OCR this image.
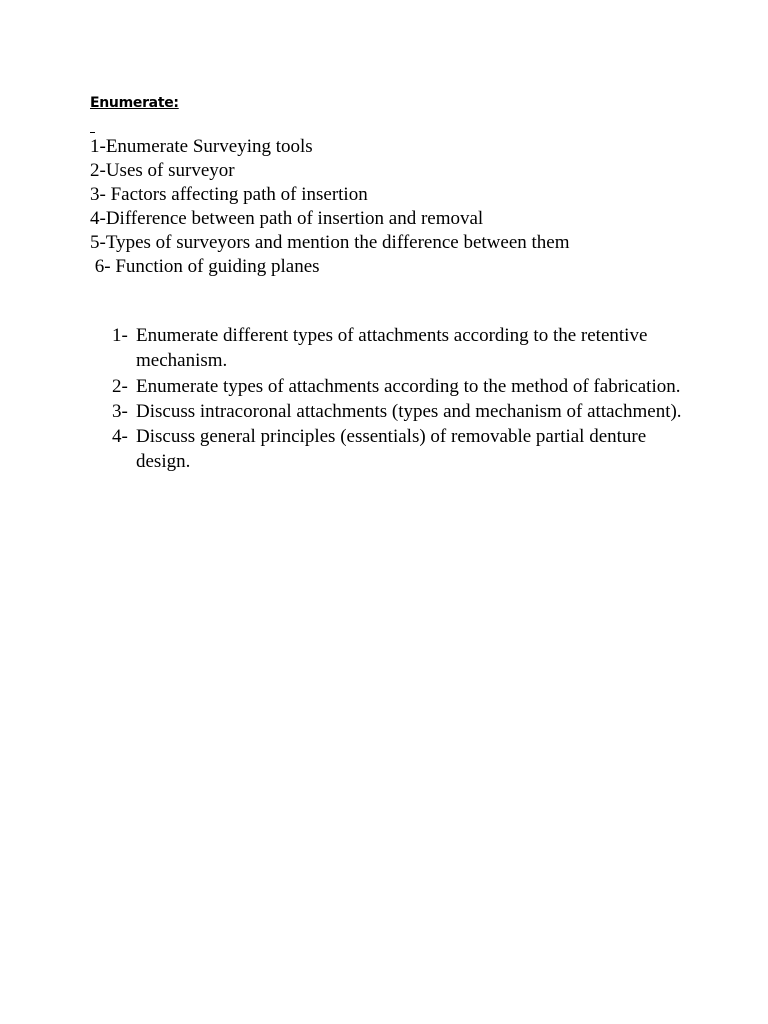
Enumerate:
1-Enumerate Surveying tools
2-Uses of surveyor
3- Factors affecting path of insertion
4-Difference between path of insertion and removal
5-Types of surveyors and mention the difference between them
6- Function of guiding planes
1- Enumerate different types of attachments according to the retentive mechanism.
2- Enumerate types of attachments according to the method of fabrication.
3- Discuss intracoronal attachments (types and mechanism of attachment).
4- Discuss general principles (essentials) of removable partial denture design.
